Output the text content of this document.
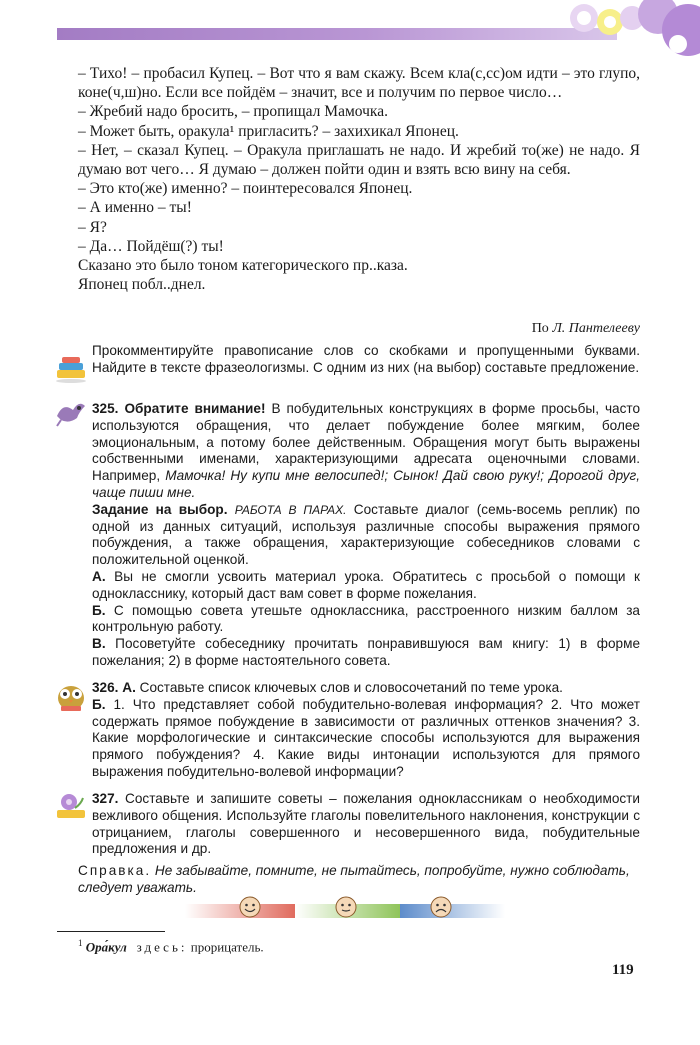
– Тихо! – пробасил Купец. – Вот что я вам скажу. Всем кла(с,сс)ом идти – это глупо, коне(ч,ш)но. Если все пойдём – значит, все и получим по первое число…

– Жребий надо бросить, – пропищал Мамочка.

– Может быть, оракула¹ пригласить? – захихикал Японец.

– Нет, – сказал Купец. – Оракула приглашать не надо. И жребий то(же) не надо. Я думаю вот чего… Я думаю – должен пойти один и взять всю вину на себя.

– Это кто(же) именно? – поинтересовался Японец.

– А именно – ты!

– Я?

– Да… Пойдёш(?) ты!

Сказано это было тоном категорического пр..каза.

Японец побл..днел.

По Л. Пантелееву

Прокомментируйте правописание слов со скобками и пропущенными буквами. Найдите в тексте фразеологизмы. С одним из них (на выбор) составьте предложение.

325. Обратите внимание! В побудительных конструкциях в форме просьбы, часто используются обращения, что делает побуждение более мягким, более эмоциональным, а потому более действенным. Обращения могут быть выражены собственными именами, характеризующими адресата оценочными словами. Например, Мамочка! Ну купи мне велосипед!; Сынок! Дай свою руку!; Дорогой друг, чаще пиши мне.

Задание на выбор. РАБОТА В ПАРАХ. Составьте диалог (семь-восемь реплик) по одной из данных ситуаций, используя различные способы выражения прямого побуждения, а также обращения, характеризующие собеседников словами с положительной оценкой.

А. Вы не смогли усвоить материал урока. Обратитесь с просьбой о помощи к однокласснику, который даст вам совет в форме пожелания.

Б. С помощью совета утешьте одноклассника, расстроенного низким баллом за контрольную работу.

В. Посоветуйте собеседнику прочитать понравившуюся вам книгу: 1) в форме пожелания; 2) в форме настоятельного совета.

326. А. Составьте список ключевых слов и словосочетаний по теме урока.

Б. 1. Что представляет собой побудительно-волевая информация? 2. Что может содержать прямое побуждение в зависимости от различных оттенков значения? 3. Какие морфологические и синтаксические способы используются для выражения прямого побуждения? 4. Какие виды интонации используются для прямого выражения побудительно-волевой информации?

327. Составьте и запишите советы – пожелания одноклассникам о необходимости вежливого общения. Используйте глаголы повелительного наклонения, конструкции с отрицанием, глаголы совершенного и несовершенного вида, побудительные предложения и др.

Справка. Не забывайте, помните, не пытайтесь, попробуйте, нужно соблюдать, следует уважать.

$^1$ Ора́кул здесь: прорицатель.
119
